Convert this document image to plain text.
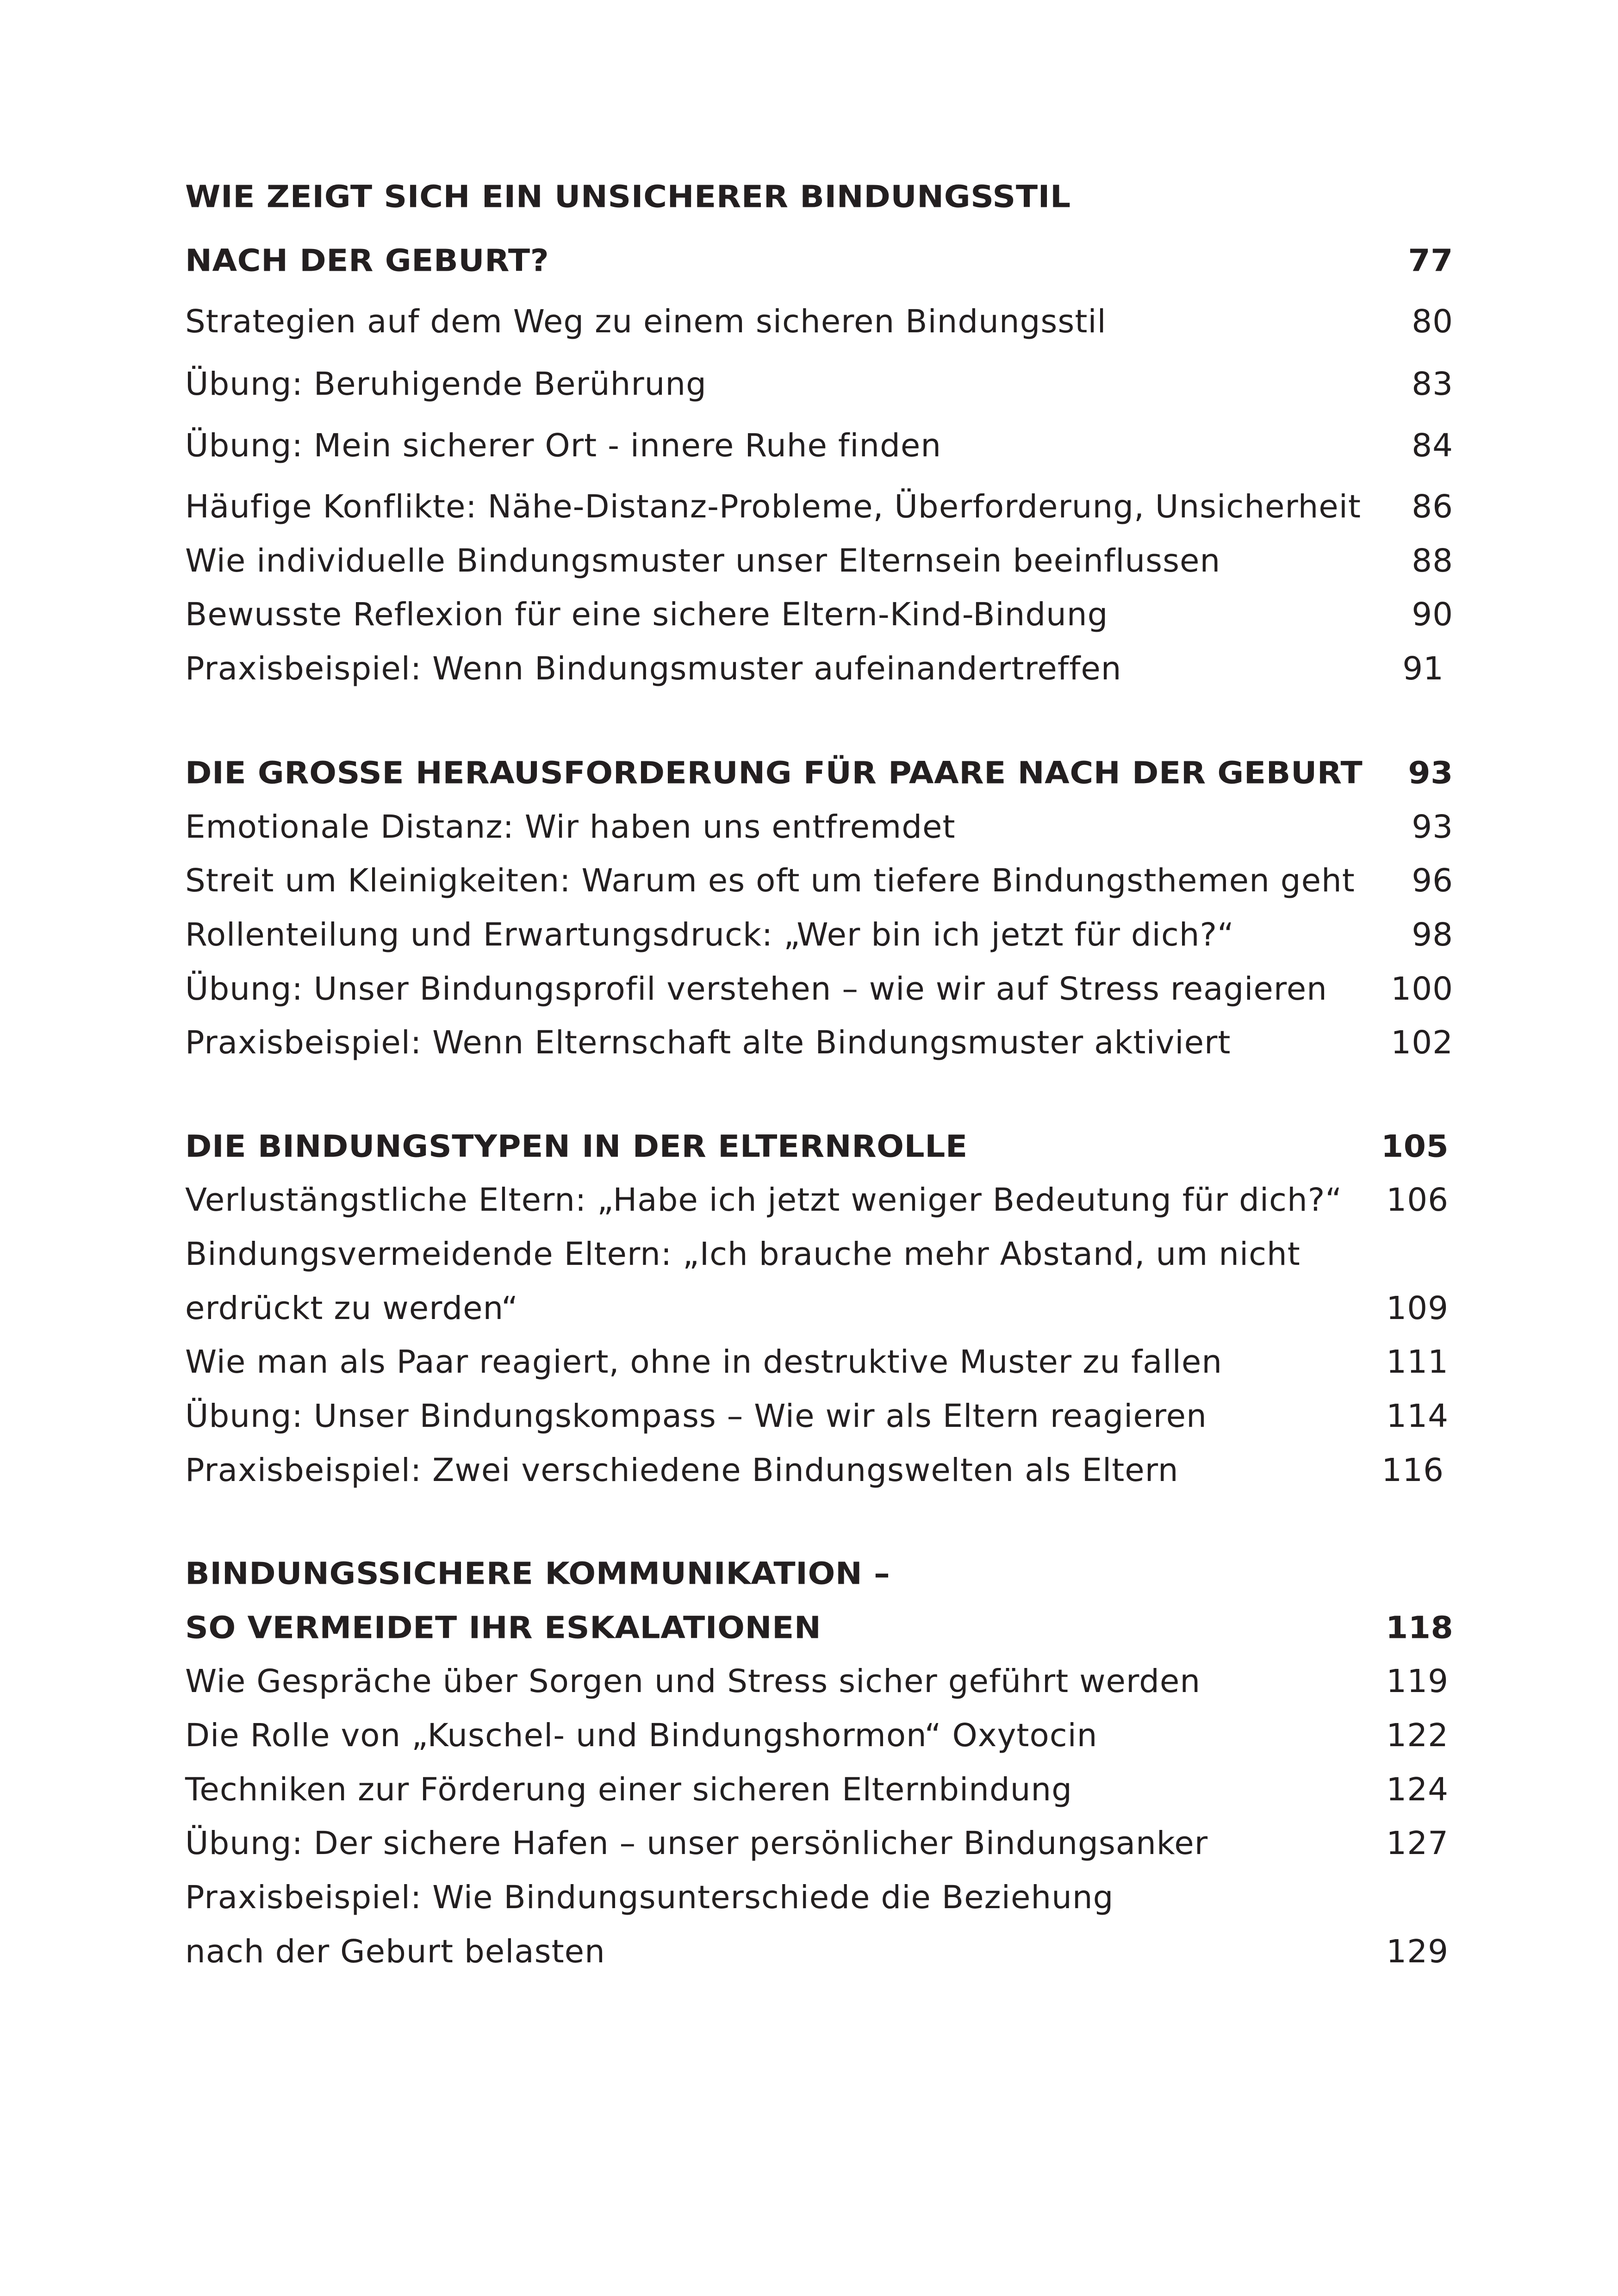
WIE ZEIGT SICH EIN UNSICHERER BINDUNGSSTIL
NACH DER GEBURT?	77
Strategien auf dem Weg zu einem sicheren Bindungsstil	80
Übung: Beruhigende Berührung	83
Übung: Mein sicherer Ort - innere Ruhe finden	84
Häufige Konflikte: Nähe-Distanz-Probleme, Überforderung, Unsicherheit 86
Wie individuelle Bindungsmuster unser Elternsein beeinflussen	88
Bewusste Reflexion für eine sichere Eltern-Kind-Bindung	90
Praxisbeispiel: Wenn Bindungsmuster aufeinandertreffen	91
DIE GROSSE HERAUSFORDERUNG FÜR PAARE NACH DER GEBURT 93
Emotionale Distanz: Wir haben uns entfremdet	93
Streit um Kleinigkeiten: Warum es oft um tiefere Bindungsthemen geht 96
Rollenteilung und Erwartungsdruck: „Wer bin ich jetzt für dich?“	98
Übung: Unser Bindungsprofil verstehen – wie wir auf Stress reagieren 100
Praxisbeispiel: Wenn Elternschaft alte Bindungsmuster aktiviert	102
DIE BINDUNGSTYPEN IN DER ELTERNROLLE	105
Verlustängstliche Eltern: „Habe ich jetzt weniger Bedeutung für dich?“ 106
Bindungsvermeidende Eltern: „Ich brauche mehr Abstand, um nicht
erdrückt zu werden“	109
Wie man als Paar reagiert, ohne in destruktive Muster zu fallen	111
Übung: Unser Bindungskompass – Wie wir als Eltern reagieren	114
Praxisbeispiel: Zwei verschiedene Bindungswelten als Eltern	116
BINDUNGSSICHERE KOMMUNIKATION –
SO VERMEIDET IHR ESKALATIONEN	118
Wie Gespräche über Sorgen und Stress sicher geführt werden	119
Die Rolle von „Kuschel- und Bindungshormon“ Oxytocin	122
Techniken zur Förderung einer sicheren Elternbindung	124
Übung: Der sichere Hafen – unser persönlicher Bindungsanker	127
Praxisbeispiel: Wie Bindungsunterschiede die Beziehung
nach der Geburt belasten	129
